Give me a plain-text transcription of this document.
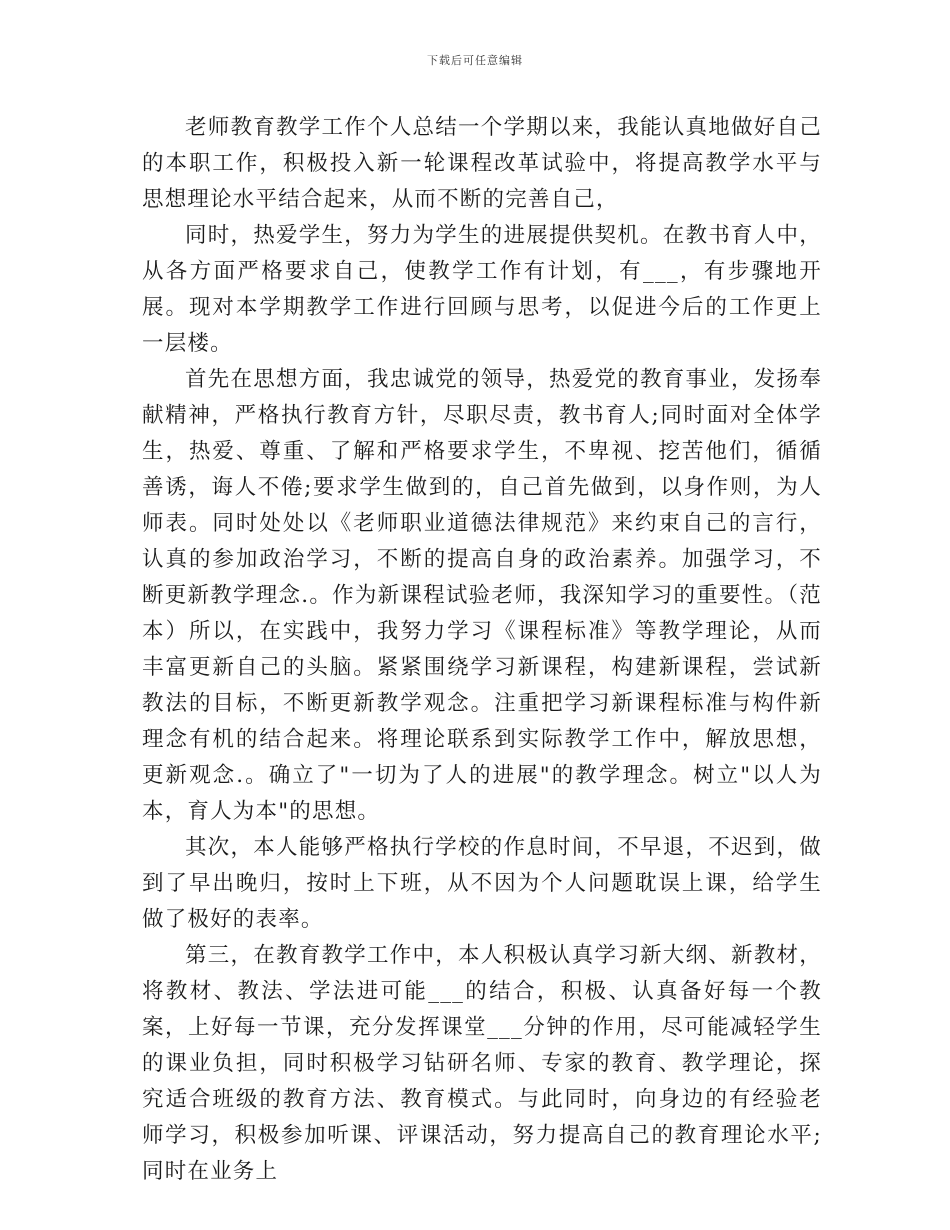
下载后可任意编辑

老师教育教学工作个人总结一个学期以来，我能认真地做好自己的本职工作，积极投入新一轮课程改革试验中，将提高教学水平与思想理论水平结合起来，从而不断的完善自己，

同时，热爱学生，努力为学生的进展提供契机。在教书育人中，从各方面严格要求自己，使教学工作有计划，有___，有步骤地开展。现对本学期教学工作进行回顾与思考，以促进今后的工作更上一层楼。

首先在思想方面，我忠诚党的领导，热爱党的教育事业，发扬奉献精神，严格执行教育方针，尽职尽责，教书育人;同时面对全体学生，热爱、尊重、了解和严格要求学生，不卑视、挖苦他们，循循善诱，诲人不倦;要求学生做到的，自己首先做到，以身作则，为人师表。同时处处以《老师职业道德法律规范》来约束自己的言行，认真的参加政治学习，不断的提高自身的政治素养。加强学习，不断更新教学理念.。作为新课程试验老师，我深知学习的重要性。（范本）所以，在实践中，我努力学习《课程标准》等教学理论，从而丰富更新自己的头脑。紧紧围绕学习新课程，构建新课程，尝试新教法的目标，不断更新教学观念。注重把学习新课程标准与构件新理念有机的结合起来。将理论联系到实际教学工作中，解放思想，更新观念.。确立了"一切为了人的进展"的教学理念。树立"以人为本，育人为本"的思想。

其次，本人能够严格执行学校的作息时间，不早退，不迟到，做到了早出晚归，按时上下班，从不因为个人问题耽误上课，给学生做了极好的表率。

第三，在教育教学工作中，本人积极认真学习新大纲、新教材，将教材、教法、学法进可能___的结合，积极、认真备好每一个教案，上好每一节课，充分发挥课堂___分钟的作用，尽可能减轻学生的课业负担，同时积极学习钻研名师、专家的教育、教学理论，探究适合班级的教育方法、教育模式。与此同时，向身边的有经验老师学习，积极参加听课、评课活动，努力提高自己的教育理论水平;同时在业务上
